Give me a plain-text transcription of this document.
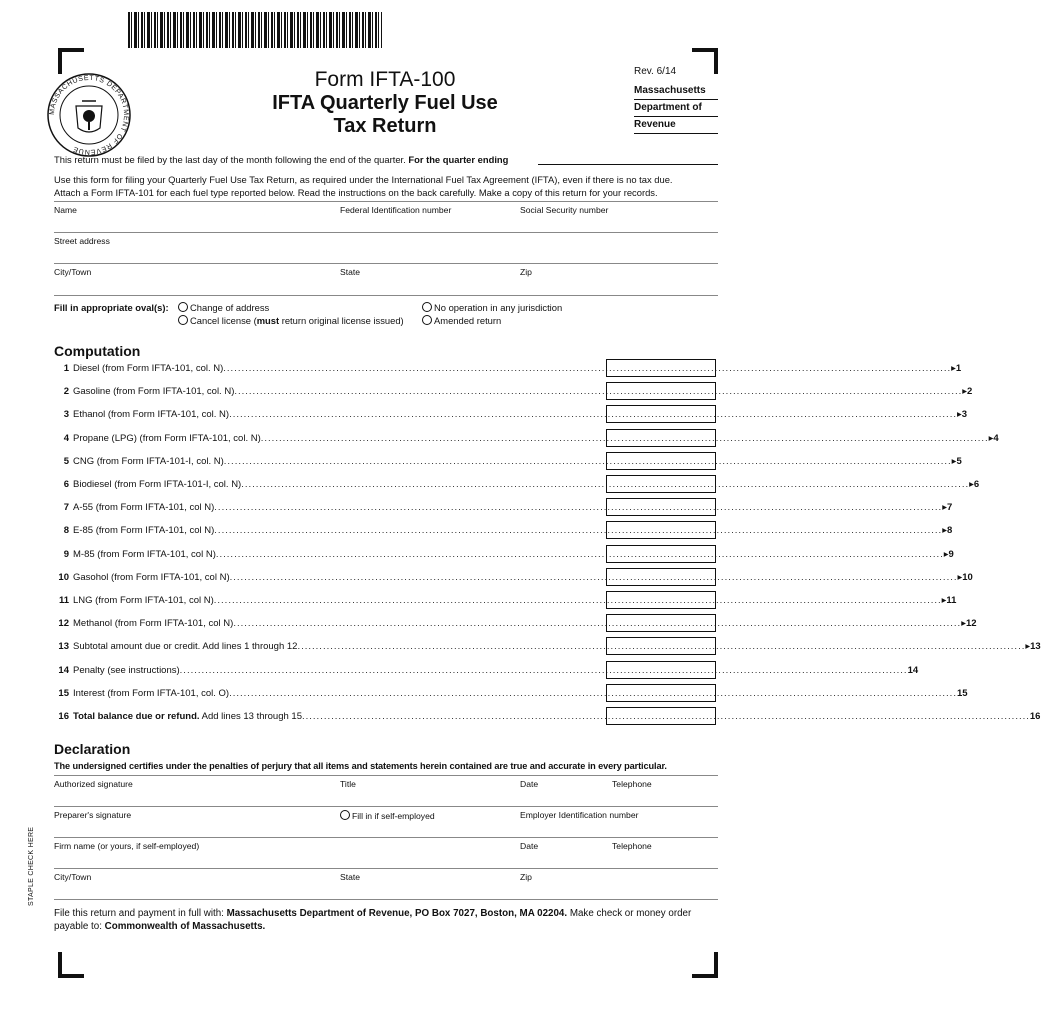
MASSACHUSETTS DEPARTMENT OF REVENUE
Form IFTA-100
IFTA Quarterly Fuel Use
Tax Return
Rev. 6/14
Massachusetts
Department of
Revenue
This return must be filed by the last day of the month following the end of the quarter. For the quarter ending
Use this form for filing your Quarterly Fuel Use Tax Return, as required under the International Fuel Tax Agreement (IFTA), even if there is no tax due.
Attach a Form IFTA-101 for each fuel type reported below. Read the instructions on the back carefully. Make a copy of this return for your records.
Name	Federal Identification number	Social Security number
Street address
City/Town	State	Zip
Fill in appropriate oval(s):	Change of address
Cancel license (must return original license issued)
No operation in any jurisdiction
Amended return
Computation
1 Diesel (from Form IFTA-101, col. N) ........................................................................................................................................................................................................ ▸1
2 Gasoline (from Form IFTA-101, col. N) ........................................................................................................................................................................................................ ▸2
3 Ethanol (from Form IFTA-101, col. N) ........................................................................................................................................................................................................ ▸3
4 Propane (LPG) (from Form IFTA-101, col. N) ........................................................................................................................................................................................................ ▸4
5 CNG (from Form IFTA-101-I, col. N) ........................................................................................................................................................................................................ ▸5
6 Biodiesel (from Form IFTA-101-I, col. N) ........................................................................................................................................................................................................ ▸6
7 A-55 (from Form IFTA-101, col N) ........................................................................................................................................................................................................ ▸7
8 E-85 (from Form IFTA-101, col N) ........................................................................................................................................................................................................ ▸8
9 M-85 (from Form IFTA-101, col N) ........................................................................................................................................................................................................ ▸9
10 Gasohol (from Form IFTA-101, col N) ........................................................................................................................................................................................................ ▸10
11 LNG (from Form IFTA-101, col N) ........................................................................................................................................................................................................ ▸11
12 Methanol (from Form IFTA-101, col N) ........................................................................................................................................................................................................ ▸12
13 Subtotal amount due or credit. Add lines 1 through 12 ........................................................................................................................................................................................................ ▸13
14 Penalty (see instructions) ........................................................................................................................................................................................................ 14
15 Interest (from Form IFTA-101, col. O) ........................................................................................................................................................................................................ 15
16 Total balance due or refund. Add lines 13 through 15 ........................................................................................................................................................................................................ 16
Declaration
The undersigned certifies under the penalties of perjury that all items and statements herein contained are true and accurate in every particular.
Authorized signature	Title	Date	Telephone
Preparer's signature	Fill in if self-employed	Employer Identification number
Firm name (or yours, if self-employed)	Date	Telephone
City/Town	State	Zip
File this return and payment in full with: Massachusetts Department of Revenue, PO Box 7027, Boston, MA 02204. Make check or money order
payable to: Commonwealth of Massachusetts.
STAPLE CHECK HERE
